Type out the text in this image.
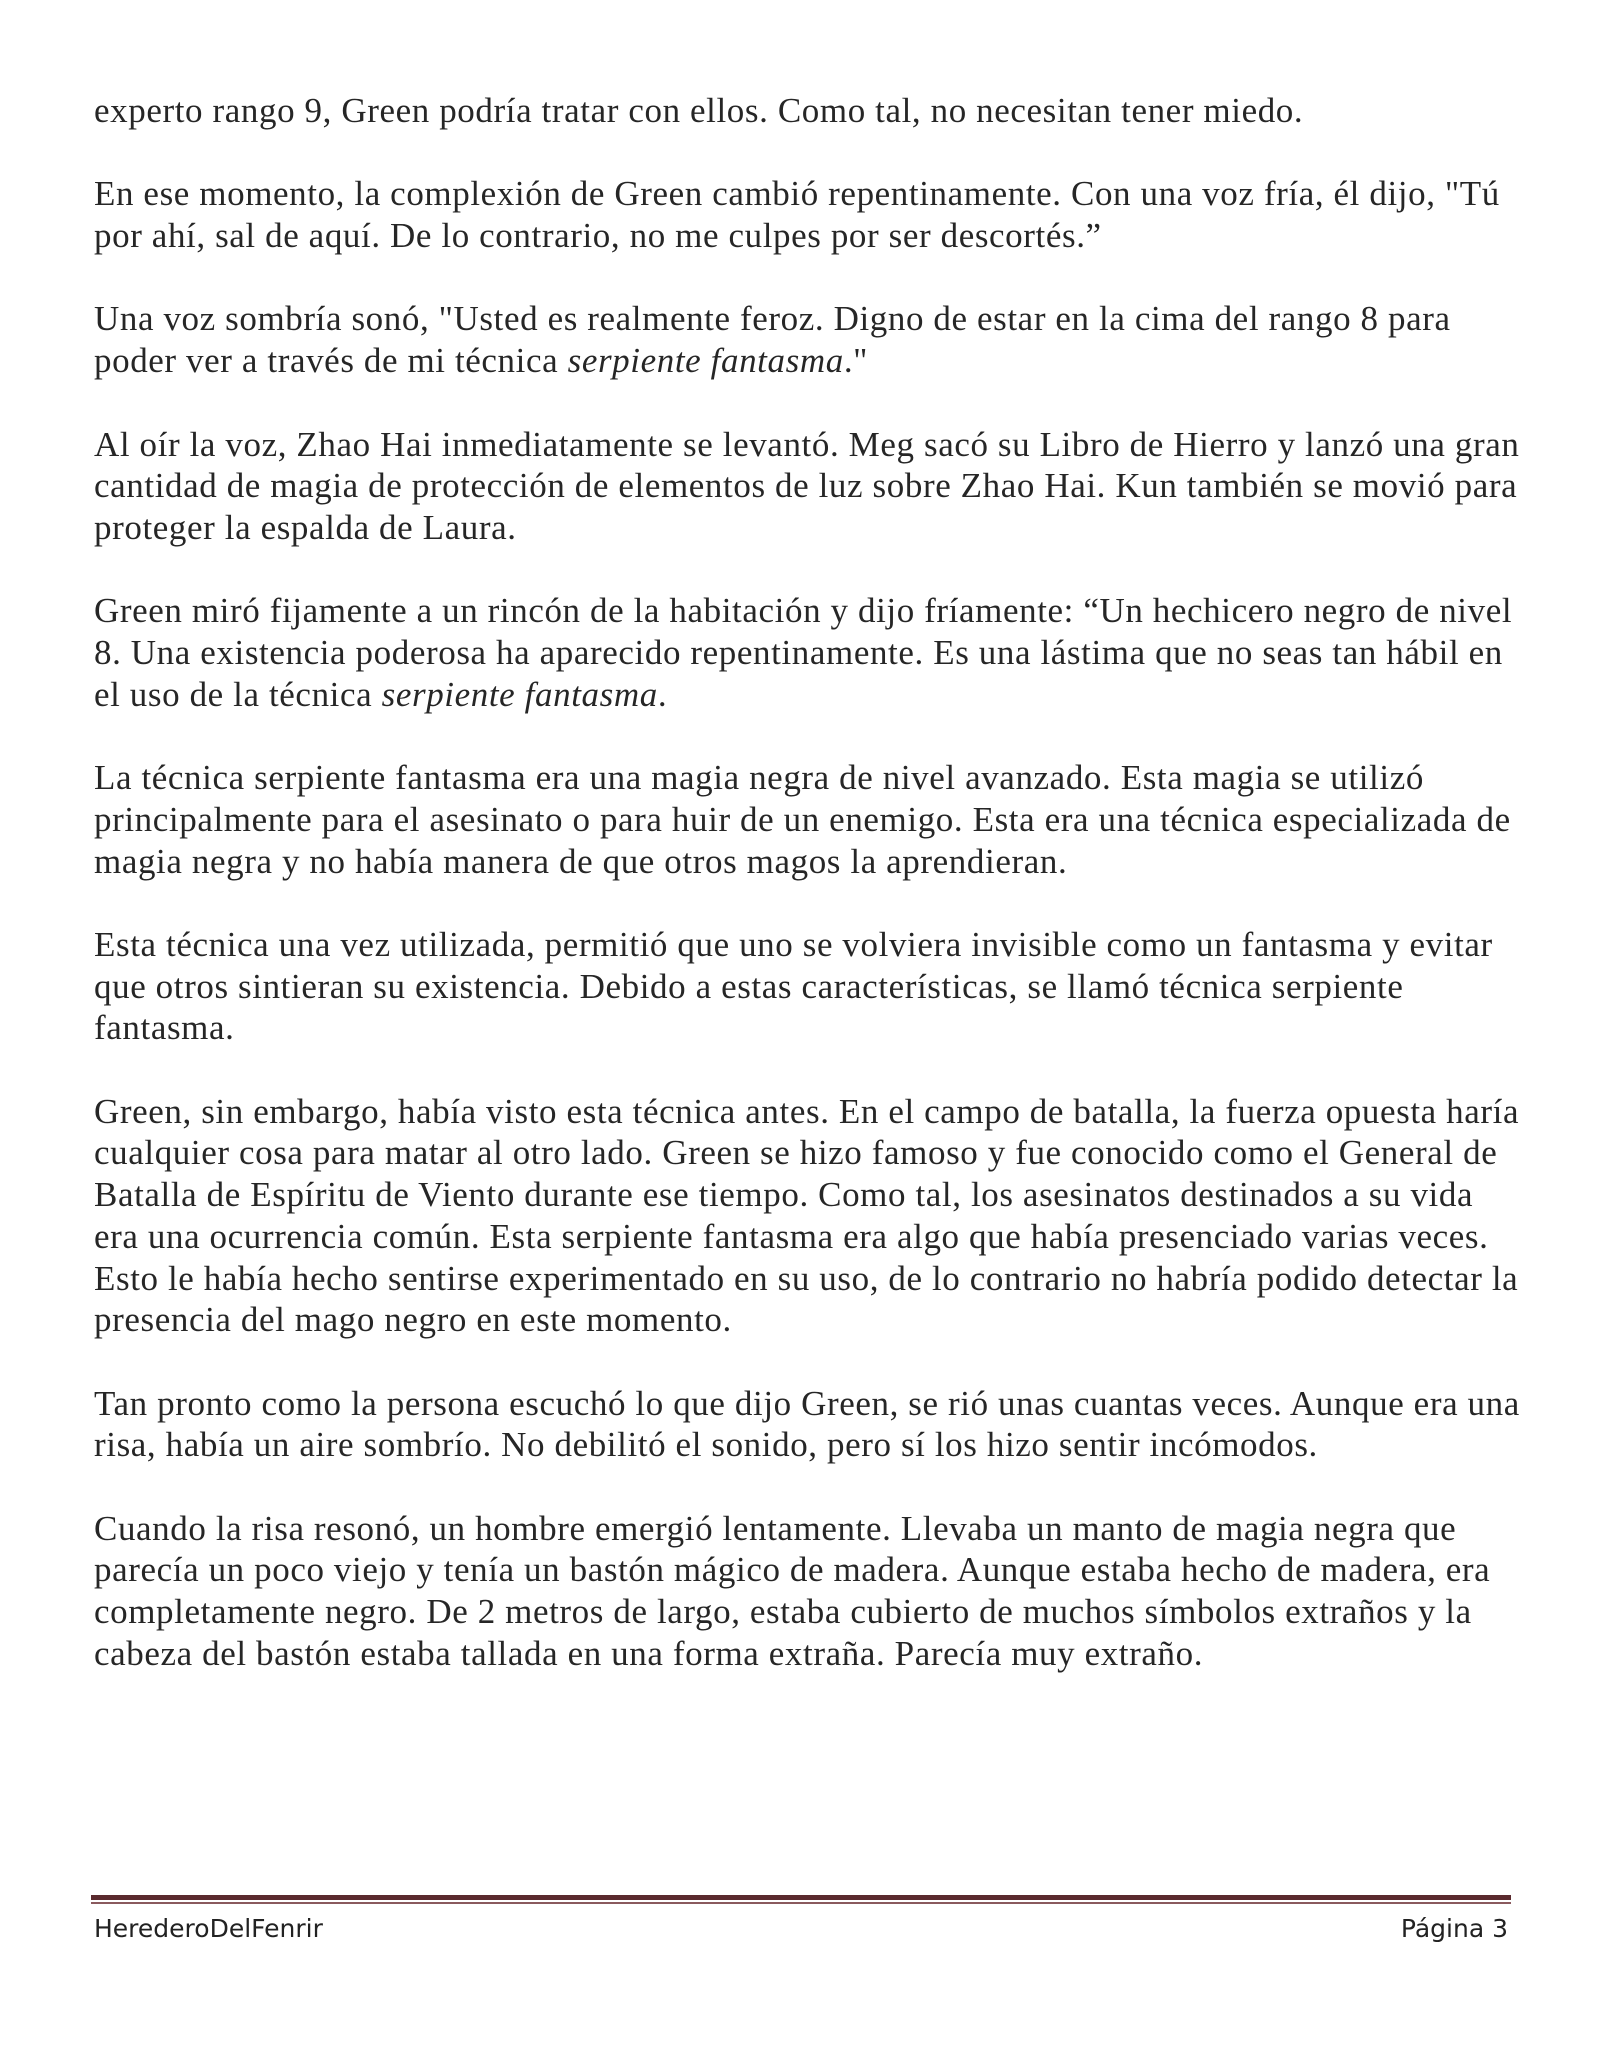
experto rango 9, Green podría tratar con ellos. Como tal, no necesitan tener miedo.

En ese momento, la complexión de Green cambió repentinamente. Con una voz fría, él dijo, "Tú por ahí, sal de aquí. De lo contrario, no me culpes por ser descortés.”

Una voz sombría sonó, "Usted es realmente feroz. Digno de estar en la cima del rango 8 para poder ver a través de mi técnica serpiente fantasma."

Al oír la voz, Zhao Hai inmediatamente se levantó. Meg sacó su Libro de Hierro y lanzó una gran cantidad de magia de protección de elementos de luz sobre Zhao Hai. Kun también se movió para proteger la espalda de Laura.

Green miró fijamente a un rincón de la habitación y dijo fríamente: “Un hechicero negro de nivel 8. Una existencia poderosa ha aparecido repentinamente. Es una lástima que no seas tan hábil en el uso de la técnica serpiente fantasma.

La técnica serpiente fantasma era una magia negra de nivel avanzado. Esta magia se utilizó principalmente para el asesinato o para huir de un enemigo. Esta era una técnica especializada de magia negra y no había manera de que otros magos la aprendieran.

Esta técnica una vez utilizada, permitió que uno se volviera invisible como un fantasma y evitar que otros sintieran su existencia. Debido a estas características, se llamó técnica serpiente fantasma.

Green, sin embargo, había visto esta técnica antes. En el campo de batalla, la fuerza opuesta haría cualquier cosa para matar al otro lado. Green se hizo famoso y fue conocido como el General de Batalla de Espíritu de Viento durante ese tiempo. Como tal, los asesinatos destinados a su vida era una ocurrencia común. Esta serpiente fantasma era algo que había presenciado varias veces. Esto le había hecho sentirse experimentado en su uso, de lo contrario no habría podido detectar la presencia del mago negro en este momento.

Tan pronto como la persona escuchó lo que dijo Green, se rió unas cuantas veces. Aunque era una risa, había un aire sombrío. No debilitó el sonido, pero sí los hizo sentir incómodos.

Cuando la risa resonó, un hombre emergió lentamente. Llevaba un manto de magia negra que parecía un poco viejo y tenía un bastón mágico de madera. Aunque estaba hecho de madera, era completamente negro. De 2 metros de largo, estaba cubierto de muchos símbolos extraños y la cabeza del bastón estaba tallada en una forma extraña. Parecía muy extraño.

HerederoDelFenrir	Página 3
